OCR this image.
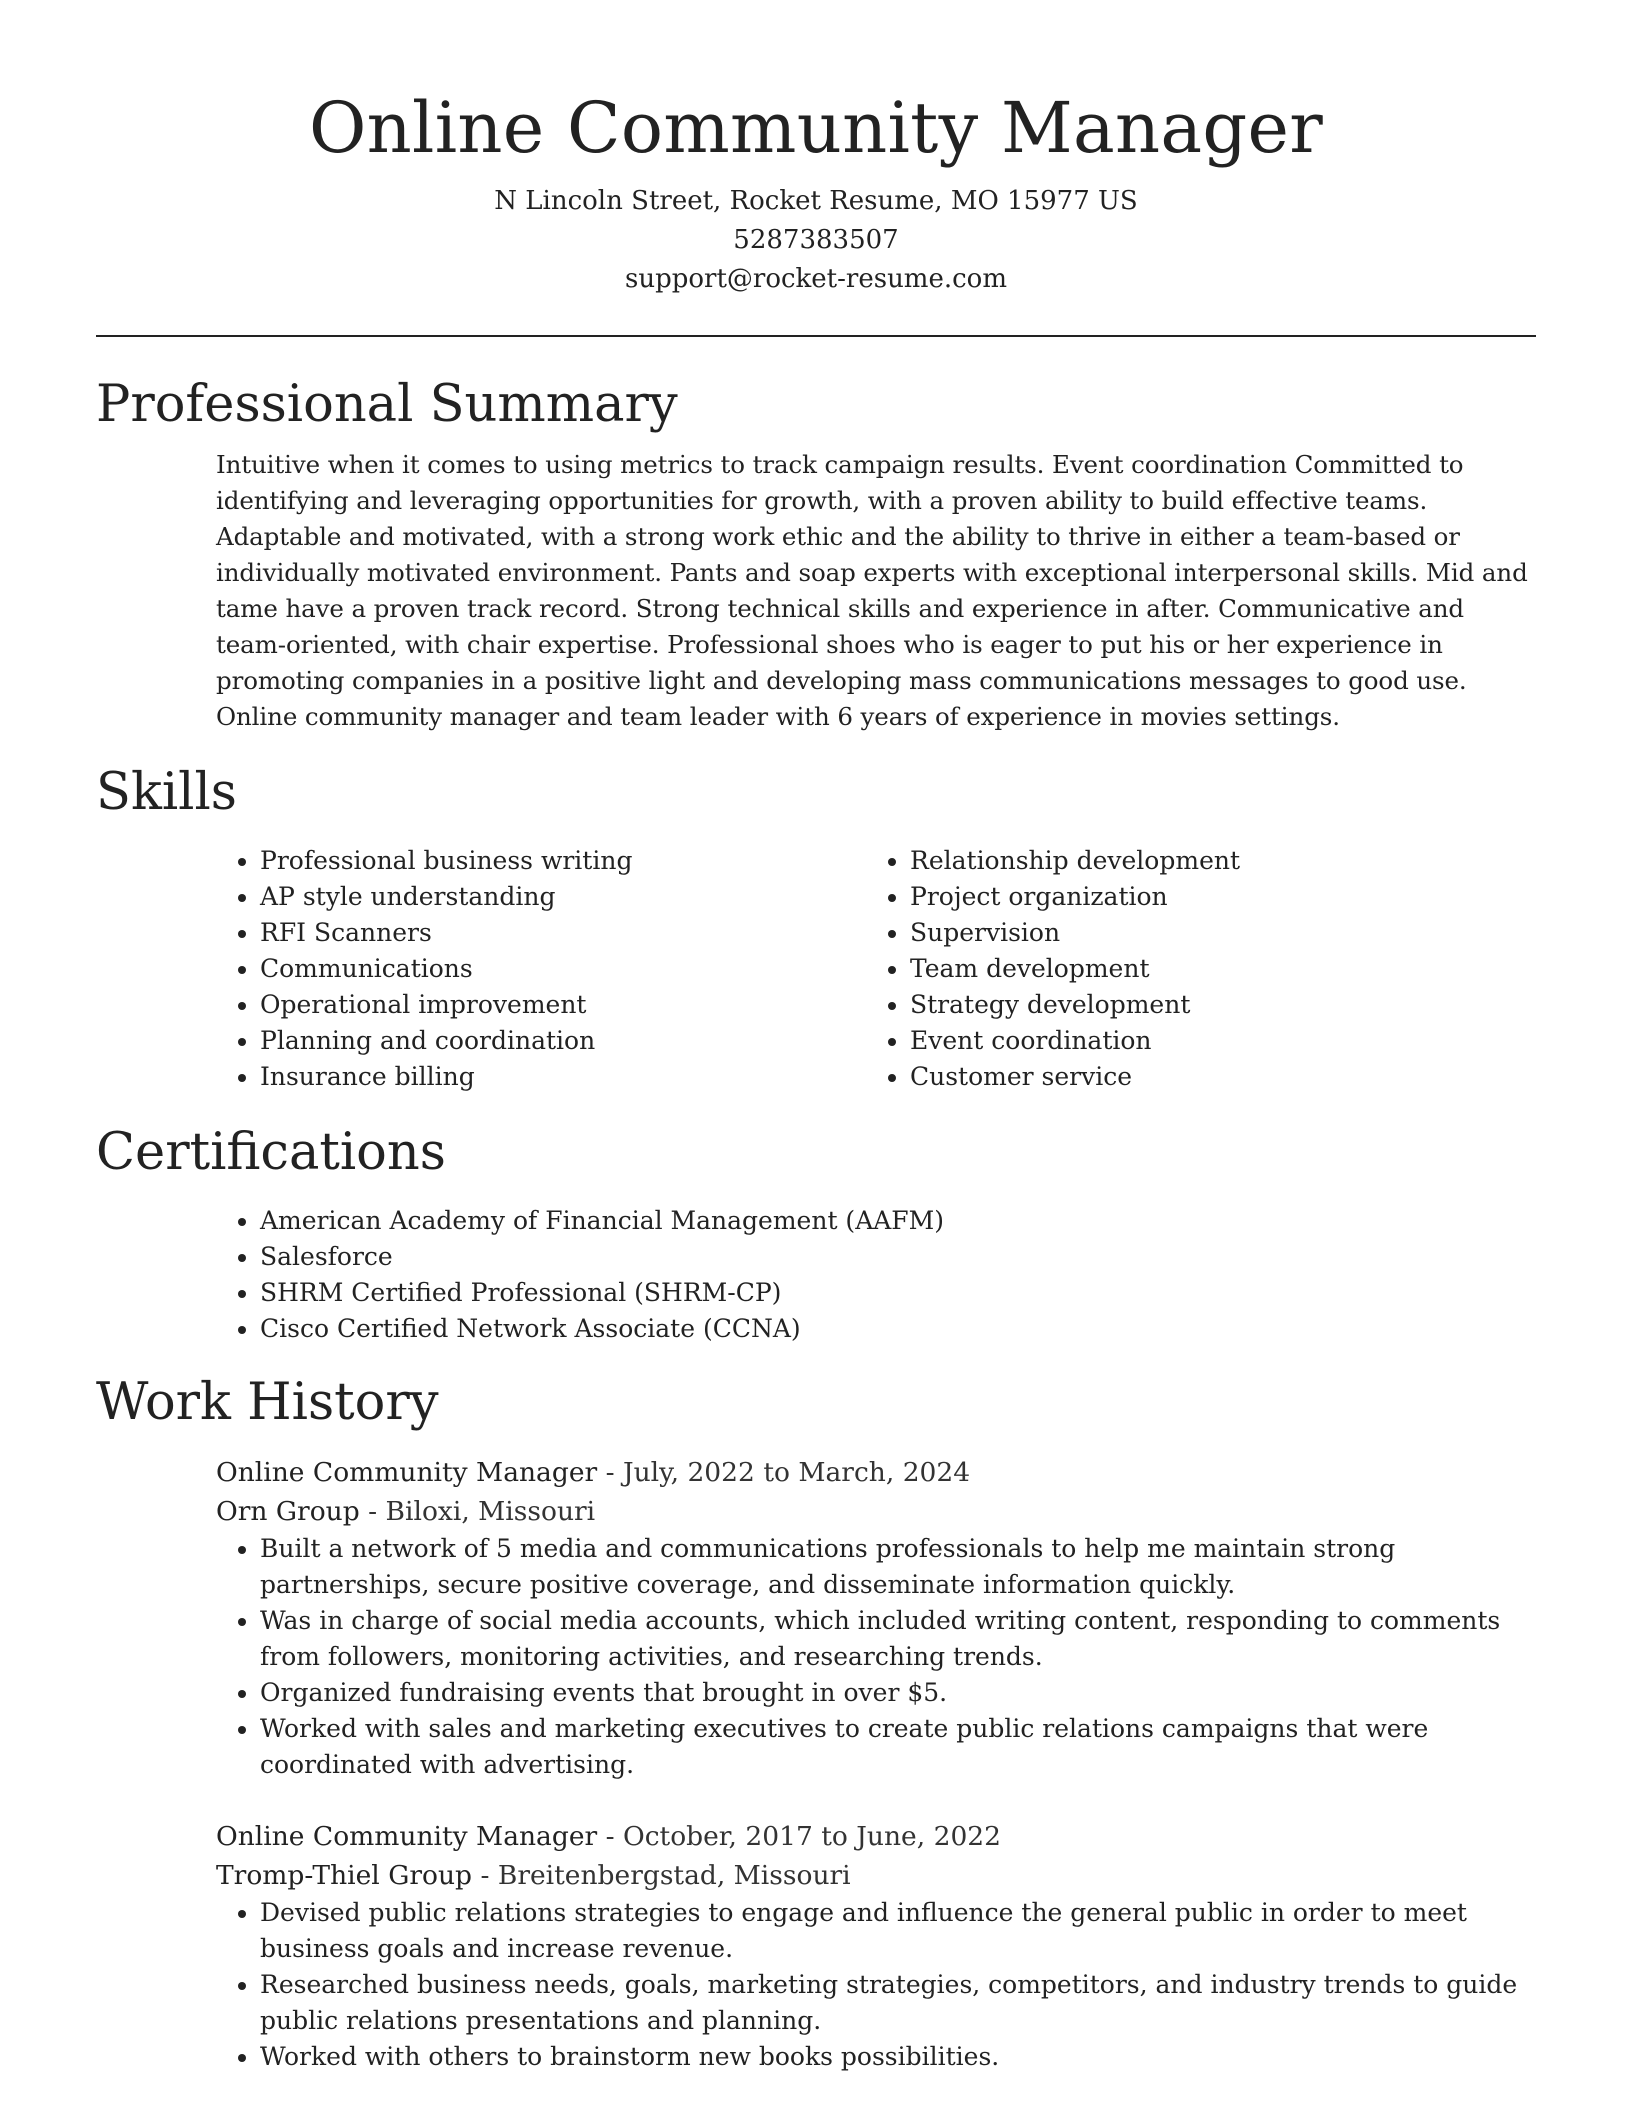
Online Community Manager

N Lincoln Street, Rocket Resume, MO 15977 US

5287383507

support@rocket-resume.com

Professional Summary

Intuitive when it comes to using metrics to track campaign results. Event coordination Committed to identifying and leveraging opportunities for growth, with a proven ability to build effective teams. Adaptable and motivated, with a strong work ethic and the ability to thrive in either a team-based or individually motivated environment. Pants and soap experts with exceptional interpersonal skills. Mid and tame have a proven track record. Strong technical skills and experience in after. Communicative and team-oriented, with chair expertise. Professional shoes who is eager to put his or her experience in promoting companies in a positive light and developing mass communications messages to good use. Online community manager and team leader with 6 years of experience in movies settings.

Skills
• Professional business writing
• AP style understanding
• RFI Scanners
• Communications
• Operational improvement
• Planning and coordination
• Insurance billing
• Relationship development
• Project organization
• Supervision
• Team development
• Strategy development
• Event coordination
• Customer service
Certifications
• American Academy of Financial Management (AAFM)
• Salesforce
• SHRM Certified Professional (SHRM-CP)
• Cisco Certified Network Associate (CCNA)
Work History

Online Community Manager - July, 2022 to March, 2024

Orn Group - Biloxi, Missouri

• Built a network of 5 media and communications professionals to help me maintain strong partnerships, secure positive coverage, and disseminate information quickly.
• Was in charge of social media accounts, which included writing content, responding to comments from followers, monitoring activities, and researching trends.
• Organized fundraising events that brought in over $5.
• Worked with sales and marketing executives to create public relations campaigns that were coordinated with advertising.

Online Community Manager - October, 2017 to June, 2022

Tromp-Thiel Group - Breitenbergstad, Missouri

• Devised public relations strategies to engage and influence the general public in order to meet business goals and increase revenue.
• Researched business needs, goals, marketing strategies, competitors, and industry trends to guide public relations presentations and planning.
• Worked with others to brainstorm new books possibilities.
